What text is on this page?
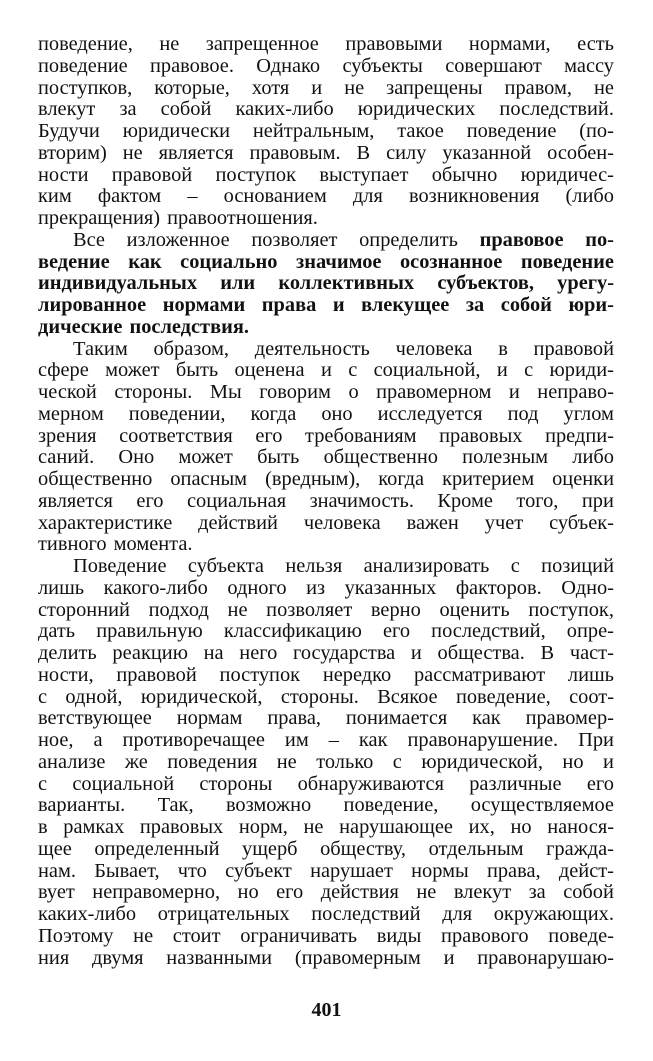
поведение, не запрещенное правовыми нормами, есть
поведение правовое. Однако субъекты совершают массу
поступков, которые, хотя и не запрещены правом, не
влекут за собой каких-либо юридических последствий.
Будучи юридически нейтральным, такое поведение (по-
вторим) не является правовым. В силу указанной особен-
ности правовой поступок выступает обычно юридичес-
ким фактом – основанием для возникновения (либо
прекращения) правоотношения.
Все изложенное позволяет определить правовое по-
ведение как социально значимое осознанное поведение
индивидуальных или коллективных субъектов, урегу-
лированное нормами права и влекущее за собой юри-
дические последствия.
Таким образом, деятельность человека в правовой
сфере может быть оценена и с социальной, и с юриди-
ческой стороны. Мы говорим о правомерном и неправо-
мерном поведении, когда оно исследуется под углом
зрения соответствия его требованиям правовых предпи-
саний. Оно может быть общественно полезным либо
общественно опасным (вредным), когда критерием оценки
является его социальная значимость. Кроме того, при
характеристике действий человека важен учет субъек-
тивного момента.
Поведение субъекта нельзя анализировать с позиций
лишь какого-либо одного из указанных факторов. Одно-
сторонний подход не позволяет верно оценить поступок,
дать правильную классификацию его последствий, опре-
делить реакцию на него государства и общества. В част-
ности, правовой поступок нередко рассматривают лишь
с одной, юридической, стороны. Всякое поведение, соот-
ветствующее нормам права, понимается как правомер-
ное, а противоречащее им – как правонарушение. При
анализе же поведения не только с юридической, но и
с социальной стороны обнаруживаются различные его
варианты. Так, возможно поведение, осуществляемое
в рамках правовых норм, не нарушающее их, но нанося-
щее определенный ущерб обществу, отдельным гражда-
нам. Бывает, что субъект нарушает нормы права, дейст-
вует неправомерно, но его действия не влекут за собой
каких-либо отрицательных последствий для окружающих.
Поэтому не стоит ограничивать виды правового поведе-
ния двумя названными (правомерным и правонарушаю-
401
